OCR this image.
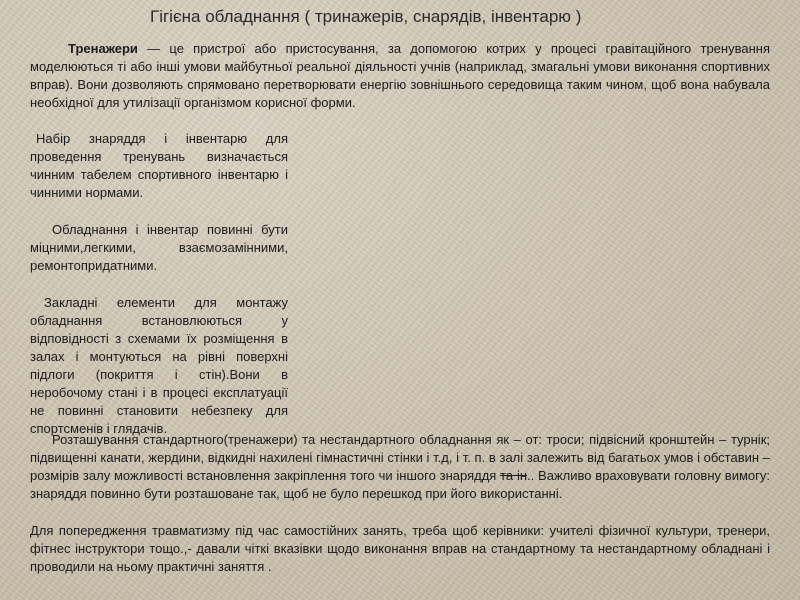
Гігієна обладнання ( тринажерів, снарядів, інвентарю )

Тренажери — це пристрої або пристосування, за допомогою котрих у процесі гравітаційного тренування моделюються ті або інші умови майбутньої реальної діяльності учнів (наприклад, змагальні умови виконання спортивних вправ). Вони дозволяють спрямовано перетворювати енергію зовнішнього середовища таким чином, щоб вона набувала необхідної для утилізації організмом корисної форми.

Набір знаряддя і інвентарю для проведення тренувань визначається чинним табелем спортивного інвентарю і чинними нормами.

Обладнання і інвентар повинні бути міцними,легкими, взаємозамінними, ремонтопридатними.

Закладні елементи для монтажу обладнання встановлюються у відповідності з схемами їх розміщення в залах і монтуються на рівні поверхні підлоги (покриття і стін).Вони в неробочому стані і в процесі експлатуації не повинні становити небезпеку для спортсменів і глядачів.

Розташування стандартного(тренажери) та нестандартного обладнання як – от: троси; підвісний кронштейн – турнік; підвищенні канати, жердини, відкидні нахилені гімнастичні стінки і т.д, і т. п. в залі залежить від багатьох умов і обставин – розмірів залу можливості встановлення закріплення того чи іншого знаряддя та ін.. Важливо враховувати головну вимогу: знаряддя повинно бути розташоване так, щоб не було перешкод при його використанні.

Для попередження травматизму під час самостійних занять, треба щоб керівники: учителі фізичної культури, тренери, фітнес інструктори тощо.,- давали чіткі вказівки щодо виконання вправ на стандартному та нестандартному обладнані і проводили на ньому практичні заняття .
